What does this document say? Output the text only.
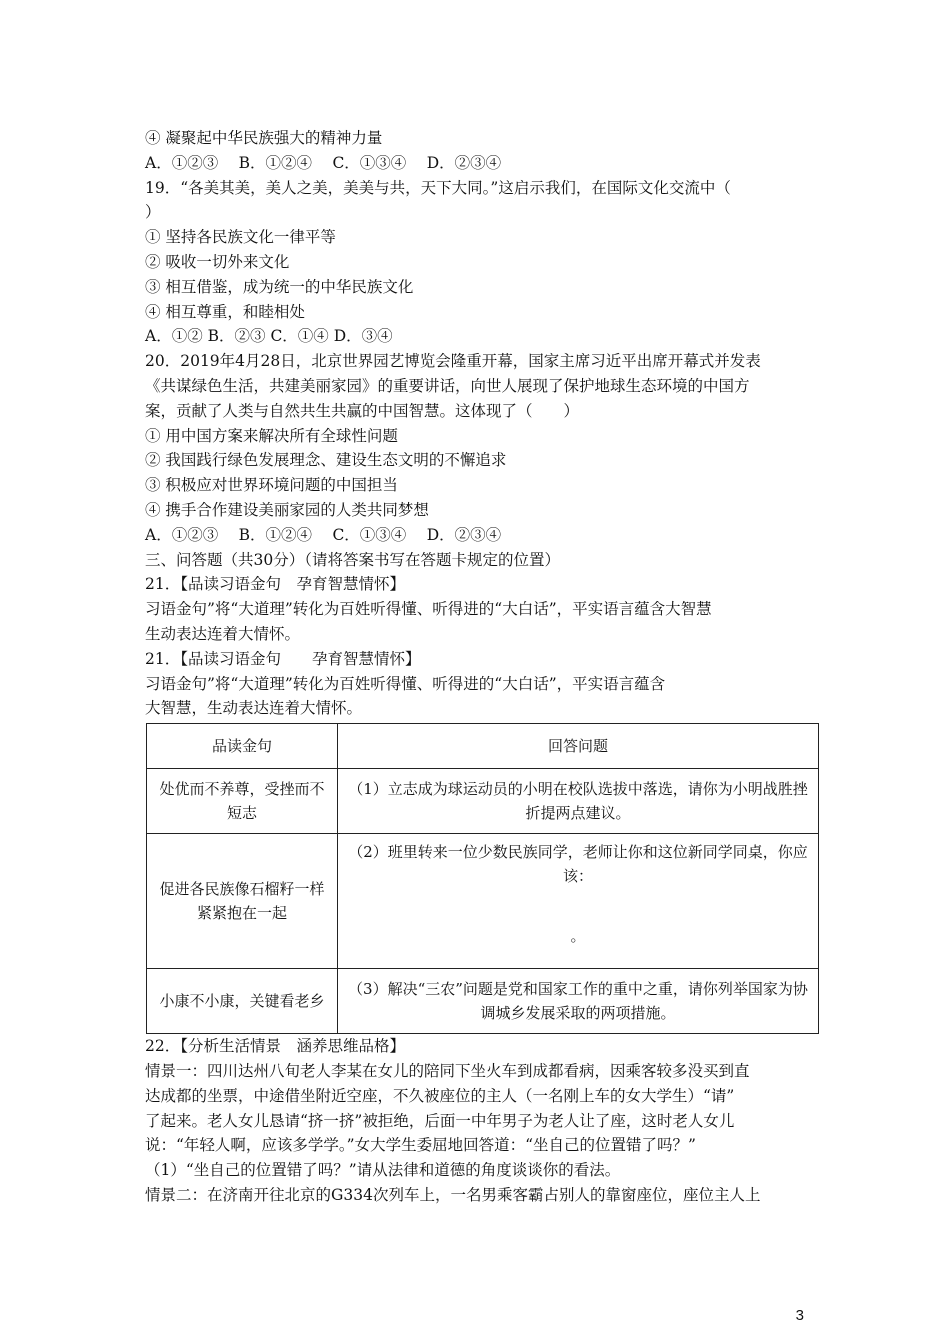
④ 凝聚起中华民族强大的精神力量
A．①②③　 B．①②④　 C．①③④　 D．②③④
19．“各美其美，美人之美，美美与共，天下大同。”这启示我们，在国际文化交流中（
）
① 坚持各民族文化一律平等
② 吸收一切外来文化
③ 相互借鉴，成为统一的中华民族文化
④ 相互尊重，和睦相处
A．①② B．②③ C．①④ D．③④
20．2019年4月28日，北京世界园艺博览会隆重开幕，国家主席习近平出席开幕式并发表
《共谋绿色生活，共建美丽家园》的重要讲话，向世人展现了保护地球生态环境的中国方
案，贡献了人类与自然共生共赢的中国智慧。这体现了（　　）
① 用中国方案来解决所有全球性问题
② 我国践行绿色发展理念、建设生态文明的不懈追求
③ 积极应对世界环境问题的中国担当
④ 携手合作建设美丽家园的人类共同梦想
A．①②③　 B．①②④　 C．①③④　 D．②③④
三、问答题（共30分）（请将答案书写在答题卡规定的位置）
21．【品读习语金句　孕育智慧情怀】
习语金句”将“大道理”转化为百姓听得懂、听得进的“大白话”，平实语言蕴含大智慧
生动表达连着大情怀。
21．【品读习语金句　　孕育智慧情怀】
习语金句”将“大道理”转化为百姓听得懂、听得进的“大白话”，平实语言蕴含
大智慧，生动表达连着大情怀。
品读金句	回答问题
处优而不养尊，受挫而不短志	（1）立志成为球运动员的小明在校队选拔中落选，请你为小明战胜挫折提两点建议。
促进各民族像石榴籽一样紧紧抱在一起	（2）班里转来一位少数民族同学，老师让你和这位新同学同桌，你应该：
。

小康不小康，关键看老乡	（3）解决“三农”问题是党和国家工作的重中之重，请你列举国家为协调城乡发展采取的两项措施。
22．【分析生活情景　涵养思维品格】
情景一：四川达州八旬老人李某在女儿的陪同下坐火车到成都看病，因乘客较多没买到直
达成都的坐票，中途借坐附近空座，不久被座位的主人（一名刚上车的女大学生）“请”
了起来。老人女儿恳请“挤一挤”被拒绝，后面一中年男子为老人让了座，这时老人女儿
说：“年轻人啊，应该多学学。”女大学生委屈地回答道：“坐自己的位置错了吗？”
（1）“坐自己的位置错了吗？”请从法律和道德的角度谈谈你的看法。
情景二：在济南开往北京的G334次列车上，一名男乘客霸占别人的靠窗座位，座位主人上
3
